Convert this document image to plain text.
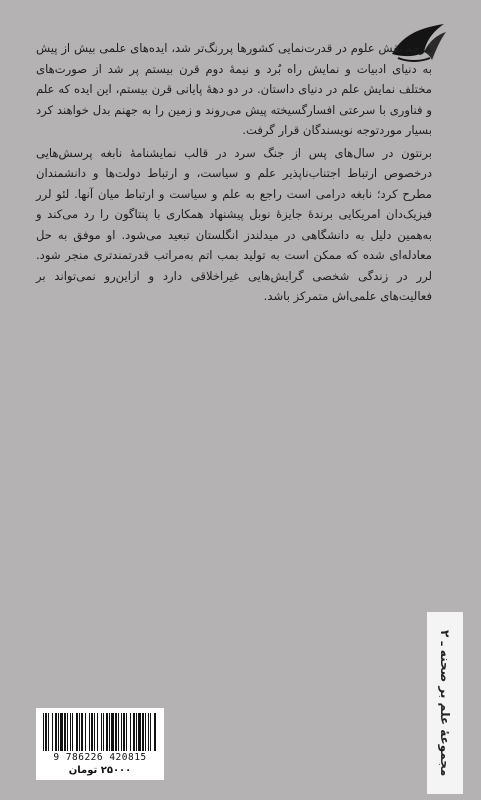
هرچه نقش علوم در قدرت‌نمایی کشورها پررنگ‌تر شد، ایده‌های علمی بیش از پیش به دنیای ادبیات و نمایش راه بُرد و نیمهٔ دوم قرن بیستم پر شد از صورت‌های مختلف نمایش علم در دنیای داستان. در دو دههٔ پایانی قرن بیستم، این ایده که علم و فناوری با سرعتی افسارگسیخته پیش می‌روند و زمین را به جهنم بدل خواهند کرد بسیار موردتوجه نویسندگان قرار گرفت.

برنتون در سال‌های پس از جنگ سرد در قالب نمایشنامهٔ نابغه پرسش‌هایی درخصوص ارتباط اجتناب‌ناپذیر علم و سیاست، و ارتباط دولت‌ها و دانشمندان مطرح کرد؛ نابغه درامی است راجع به علم و سیاست و ارتباط میان آنها. لئو لرر فیزیک‌دان امریکایی برندهٔ جایزهٔ نوبل پیشنهاد همکاری با پنتاگون را رد می‌کند و به‌همین دلیل به دانشگاهی در میدلندز انگلستان تبعید می‌شود. او موفق به حل معادله‌ای شده که ممکن است به تولید بمب اتم به‌مراتب قدرتمندتری منجر شود. لرر در زندگی شخصی گرایش‌هایی غیراخلاقی دارد و ازاین‌رو نمی‌تواند بر فعالیت‌های علمی‌اش متمرکز باشد.

مجموعهٔ علم بر صحنه ـ ۲
9 786226 420815
۲۵۰۰۰ تومان
